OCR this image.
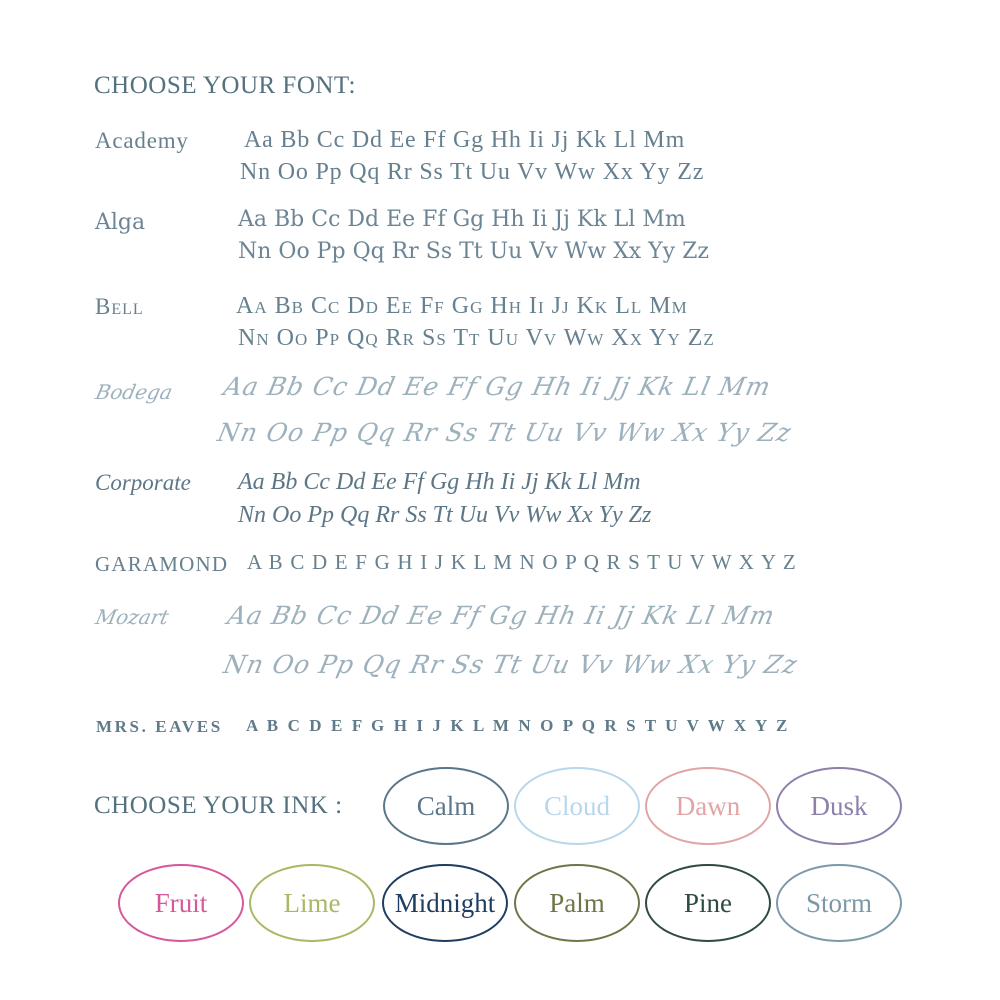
CHOOSE YOUR FONT:
Academy Aa Bb Cc Dd Ee Ff Gg Hh Ii Jj Kk Ll Mm
Nn Oo Pp Qq Rr Ss Tt Uu Vv Ww Xx Yy Zz
Alga	Aa Bb Cc Dd Ee Ff Gg Hh Ii Jj Kk Ll Mm
Nn Oo Pp Qq Rr Ss Tt Uu Vv Ww Xx Yy Zz
Bell	Aa Bb Cc Dd Ee Ff Gg Hh Ii Jj Kk Ll Mm
Nn Oo Pp Qq Rr Ss Tt Uu Vv Ww Xx Yy Zz
Bodega Aa Bb Cc Dd Ee Ff Gg Hh Ii Jj Kk Ll Mm
Nn Oo Pp Qq Rr Ss Tt Uu Vv Ww Xx Yy Zz
Corporate Aa Bb Cc Dd Ee Ff Gg Hh Ii Jj Kk Ll Mm
Nn Oo Pp Qq Rr Ss Tt Uu Vv Ww Xx Yy Zz
GARAMOND A B C D E F G H I J K L M N O P Q R S T U V W X Y Z
Mozart Aa Bb Cc Dd Ee Ff Gg Hh Ii Jj Kk Ll Mm
Nn Oo Pp Qq Rr Ss Tt Uu Vv Ww Xx Yy Zz
MRS. EAVES A B C D E F G H I J K L M N O P Q R S T U V W X Y Z
CHOOSE YOUR INK :	Calm	Cloud Dawn	Dusk
Fruit	Lime Midnight Palm	Pine	Storm
